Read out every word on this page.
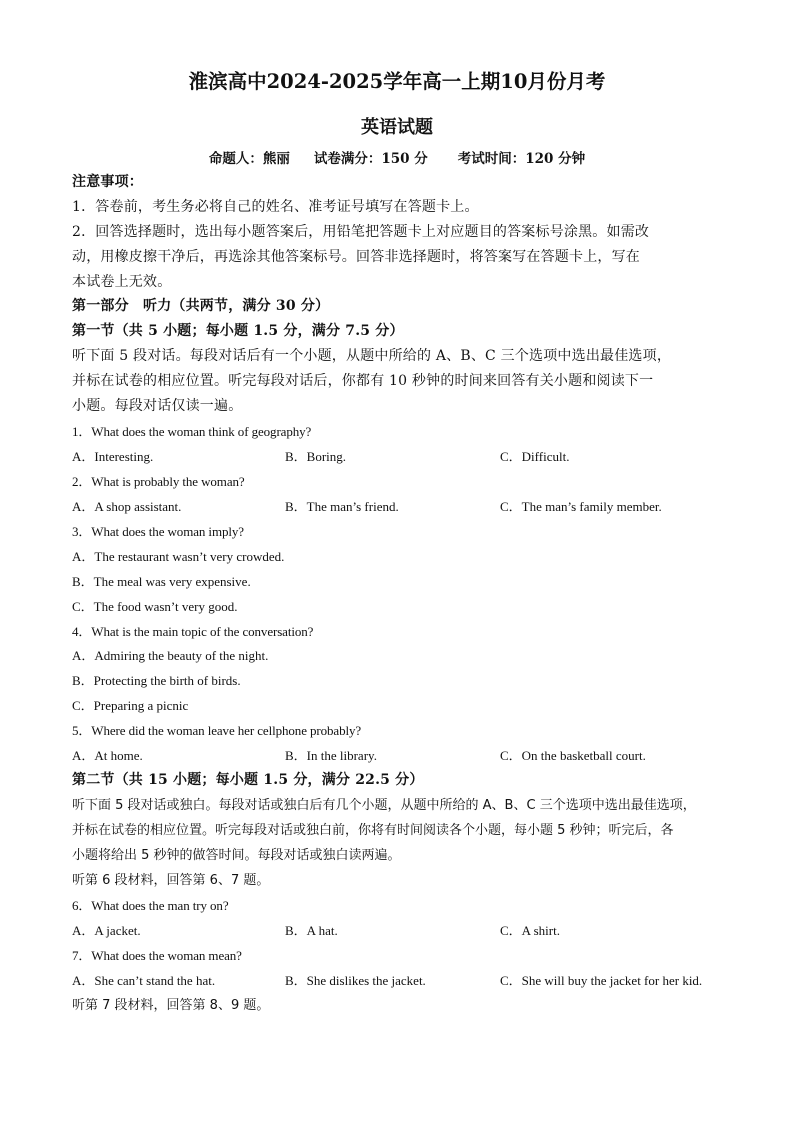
淮滨高中2024-2025学年高一上期10月份月考
英语试题
命题人：熊丽 试卷满分：150 分 考试时间：120 分钟
注意事项：
1．答卷前，考生务必将自己的姓名、准考证号填写在答题卡上。
2．回答选择题时，选出每小题答案后，用铅笔把答题卡上对应题目的答案标号涂黑。如需改
动，用橡皮擦干净后，再选涂其他答案标号。回答非选择题时，将答案写在答题卡上，写在
本试卷上无效。
第一部分　听力（共两节，满分 30 分）
第一节（共 5 小题；每小题 1.5 分，满分 7.5 分）
听下面 5 段对话。每段对话后有一个小题，从题中所给的 A、B、C 三个选项中选出最佳选项，
并标在试卷的相应位置。听完每段对话后，你都有 10 秒钟的时间来回答有关小题和阅读下一
小题。每段对话仅读一遍。
1．What does the woman think of geography?
A．Interesting.	B．Boring.	C．Difficult.
2．What is probably the woman?
A．A shop assistant.	B．The man’s friend.	C．The man’s family member.
3．What does the woman imply?
A．The restaurant wasn’t very crowded.
B．The meal was very expensive.
C．The food wasn’t very good.
4．What is the main topic of the conversation?
A．Admiring the beauty of the night.
B．Protecting the birth of birds.
C．Preparing a picnic
5．Where did the woman leave her cellphone probably?
A．At home.	B．In the library.	C．On the basketball court.
第二节（共 15 小题；每小题 1.5 分，满分 22.5 分）
听下面 5 段对话或独白。每段对话或独白后有几个小题，从题中所给的 A、B、C 三个选项中选出最佳选项，
并标在试卷的相应位置。听完每段对话或独白前，你将有时间阅读各个小题，每小题 5 秒钟；听完后，各
小题将给出 5 秒钟的做答时间。每段对话或独白读两遍。
听第 6 段材料，回答第 6、7 题。
6．What does the man try on?
A．A jacket.	B．A hat.	C．A shirt.
7．What does the woman mean?
A．She can’t stand the hat.	B．She dislikes the jacket.	C．She will buy the jacket for her kid.
听第 7 段材料，回答第 8、9 题。
